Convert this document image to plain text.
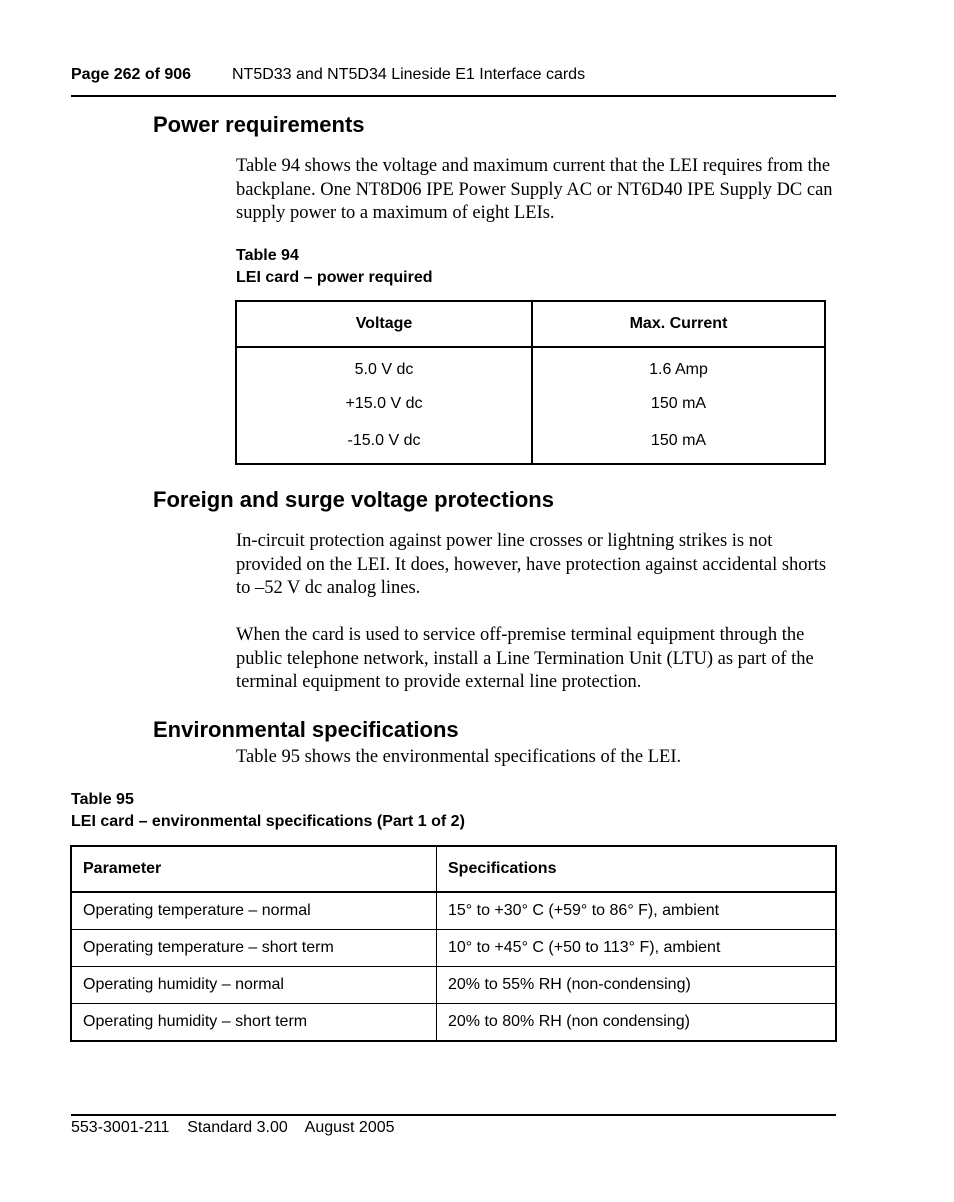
Page 262 of 906	NT5D33 and NT5D34 Lineside E1 Interface cards
Power requirements

Table 94 shows the voltage and maximum current that the LEI requires from the backplane. One NT8D06 IPE Power Supply AC or NT6D40 IPE Supply DC can supply power to a maximum of eight LEIs.

Table 94
LEI card – power required
Voltage	Max. Current
5.0 V dc	1.6 Amp
+15.0 V dc	150 mA
-15.0 V dc	150 mA
Foreign and surge voltage protections

In-circuit protection against power line crosses or lightning strikes is not provided on the LEI. It does, however, have protection against accidental shorts to –52 V dc analog lines.

When the card is used to service off-premise terminal equipment through the public telephone network, install a Line Termination Unit (LTU) as part of the terminal equipment to provide external line protection.

Environmental specifications

Table 95 shows the environmental specifications of the LEI.

Table 95
LEI card – environmental specifications (Part 1 of 2)
Parameter	Specifications
Operating temperature – normal	15° to +30° C (+59° to 86° F), ambient
Operating temperature – short term	10° to +45° C (+50 to 113° F), ambient
Operating humidity – normal	20% to 55% RH (non-condensing)
Operating humidity – short term	20% to 80% RH (non condensing)
553-3001-211 Standard 3.00 August 2005
